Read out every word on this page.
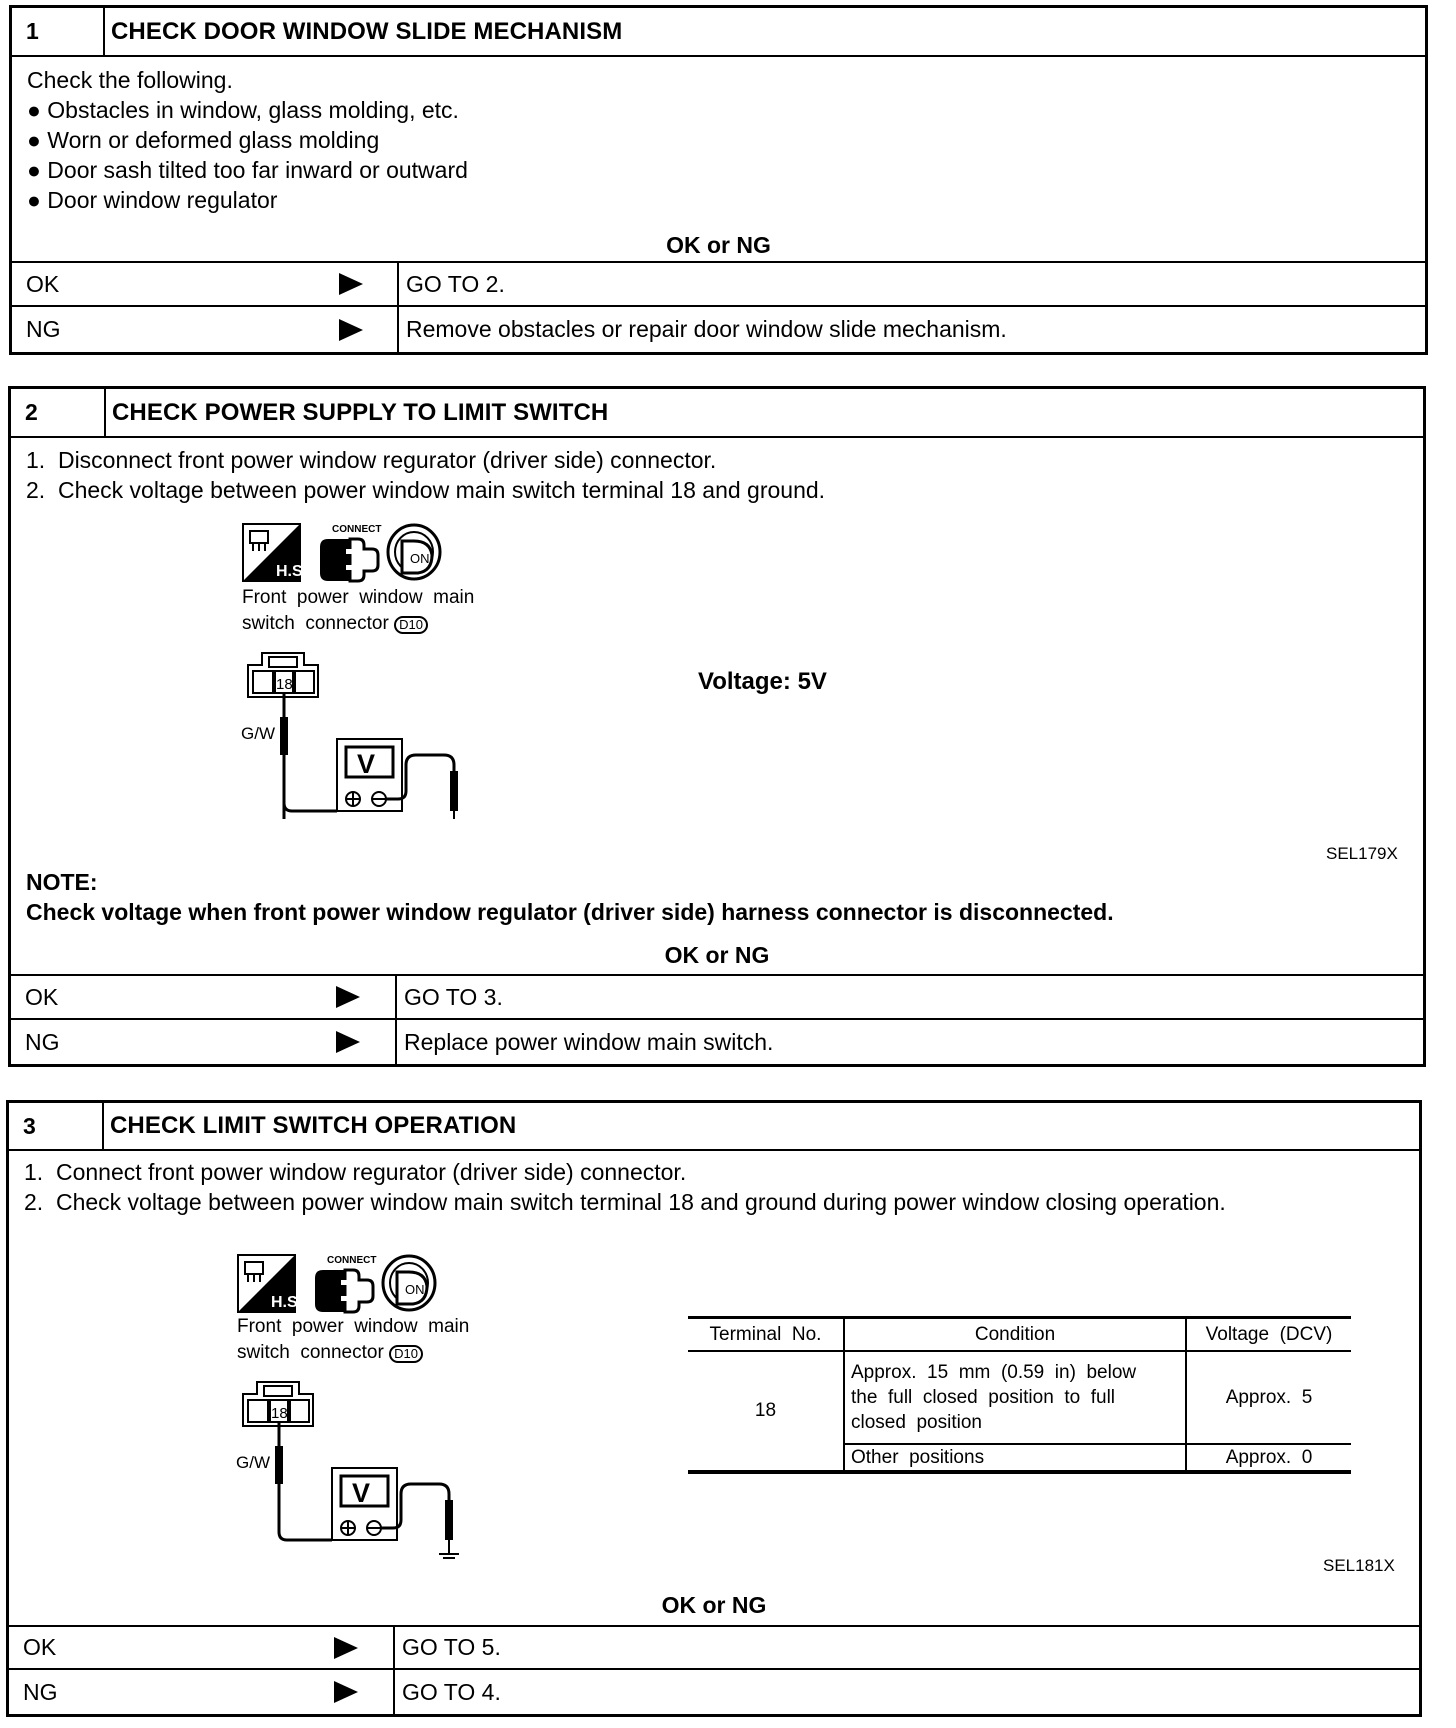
1	CHECK DOOR WINDOW SLIDE MECHANISM
Check the following.
● Obstacles in window, glass molding, etc.
● Worn or deformed glass molding
● Door sash tilted too far inward or outward
● Door window regulator
OK or NG
OK	GO TO 2.
NG	Remove obstacles or repair door window slide mechanism.
2	CHECK POWER SUPPLY TO LIMIT SWITCH
1.  Disconnect front power window regurator (driver side) connector.
2.  Check voltage between power window main switch terminal 18 and ground.
H.S.
CONNECT
ON
18
G/W
V
Front  power  window  main
switch  connector D10
Voltage: 5V
SEL179X
NOTE:
Check voltage when front power window regulator (driver side) harness connector is disconnected.
OK or NG
OK	GO TO 3.
NG	Replace power window main switch.
3	CHECK LIMIT SWITCH OPERATION
1.  Connect front power window regurator (driver side) connector.
2.  Check voltage between power window main switch terminal 18 and ground during power window closing operation.
H.S.
CONNECT
ON
18
G/W
V
Front  power  window  main
switch  connector D10
Terminal  No.	Condition	Voltage  (DCV)
18	Approx.  15  mm  (0.59  in)  below
the  full  closed  position  to  full
closed  position	Approx.  5
	Other  positions	Approx.  0
SEL181X
OK or NG
OK	GO TO 5.
NG	GO TO 4.
